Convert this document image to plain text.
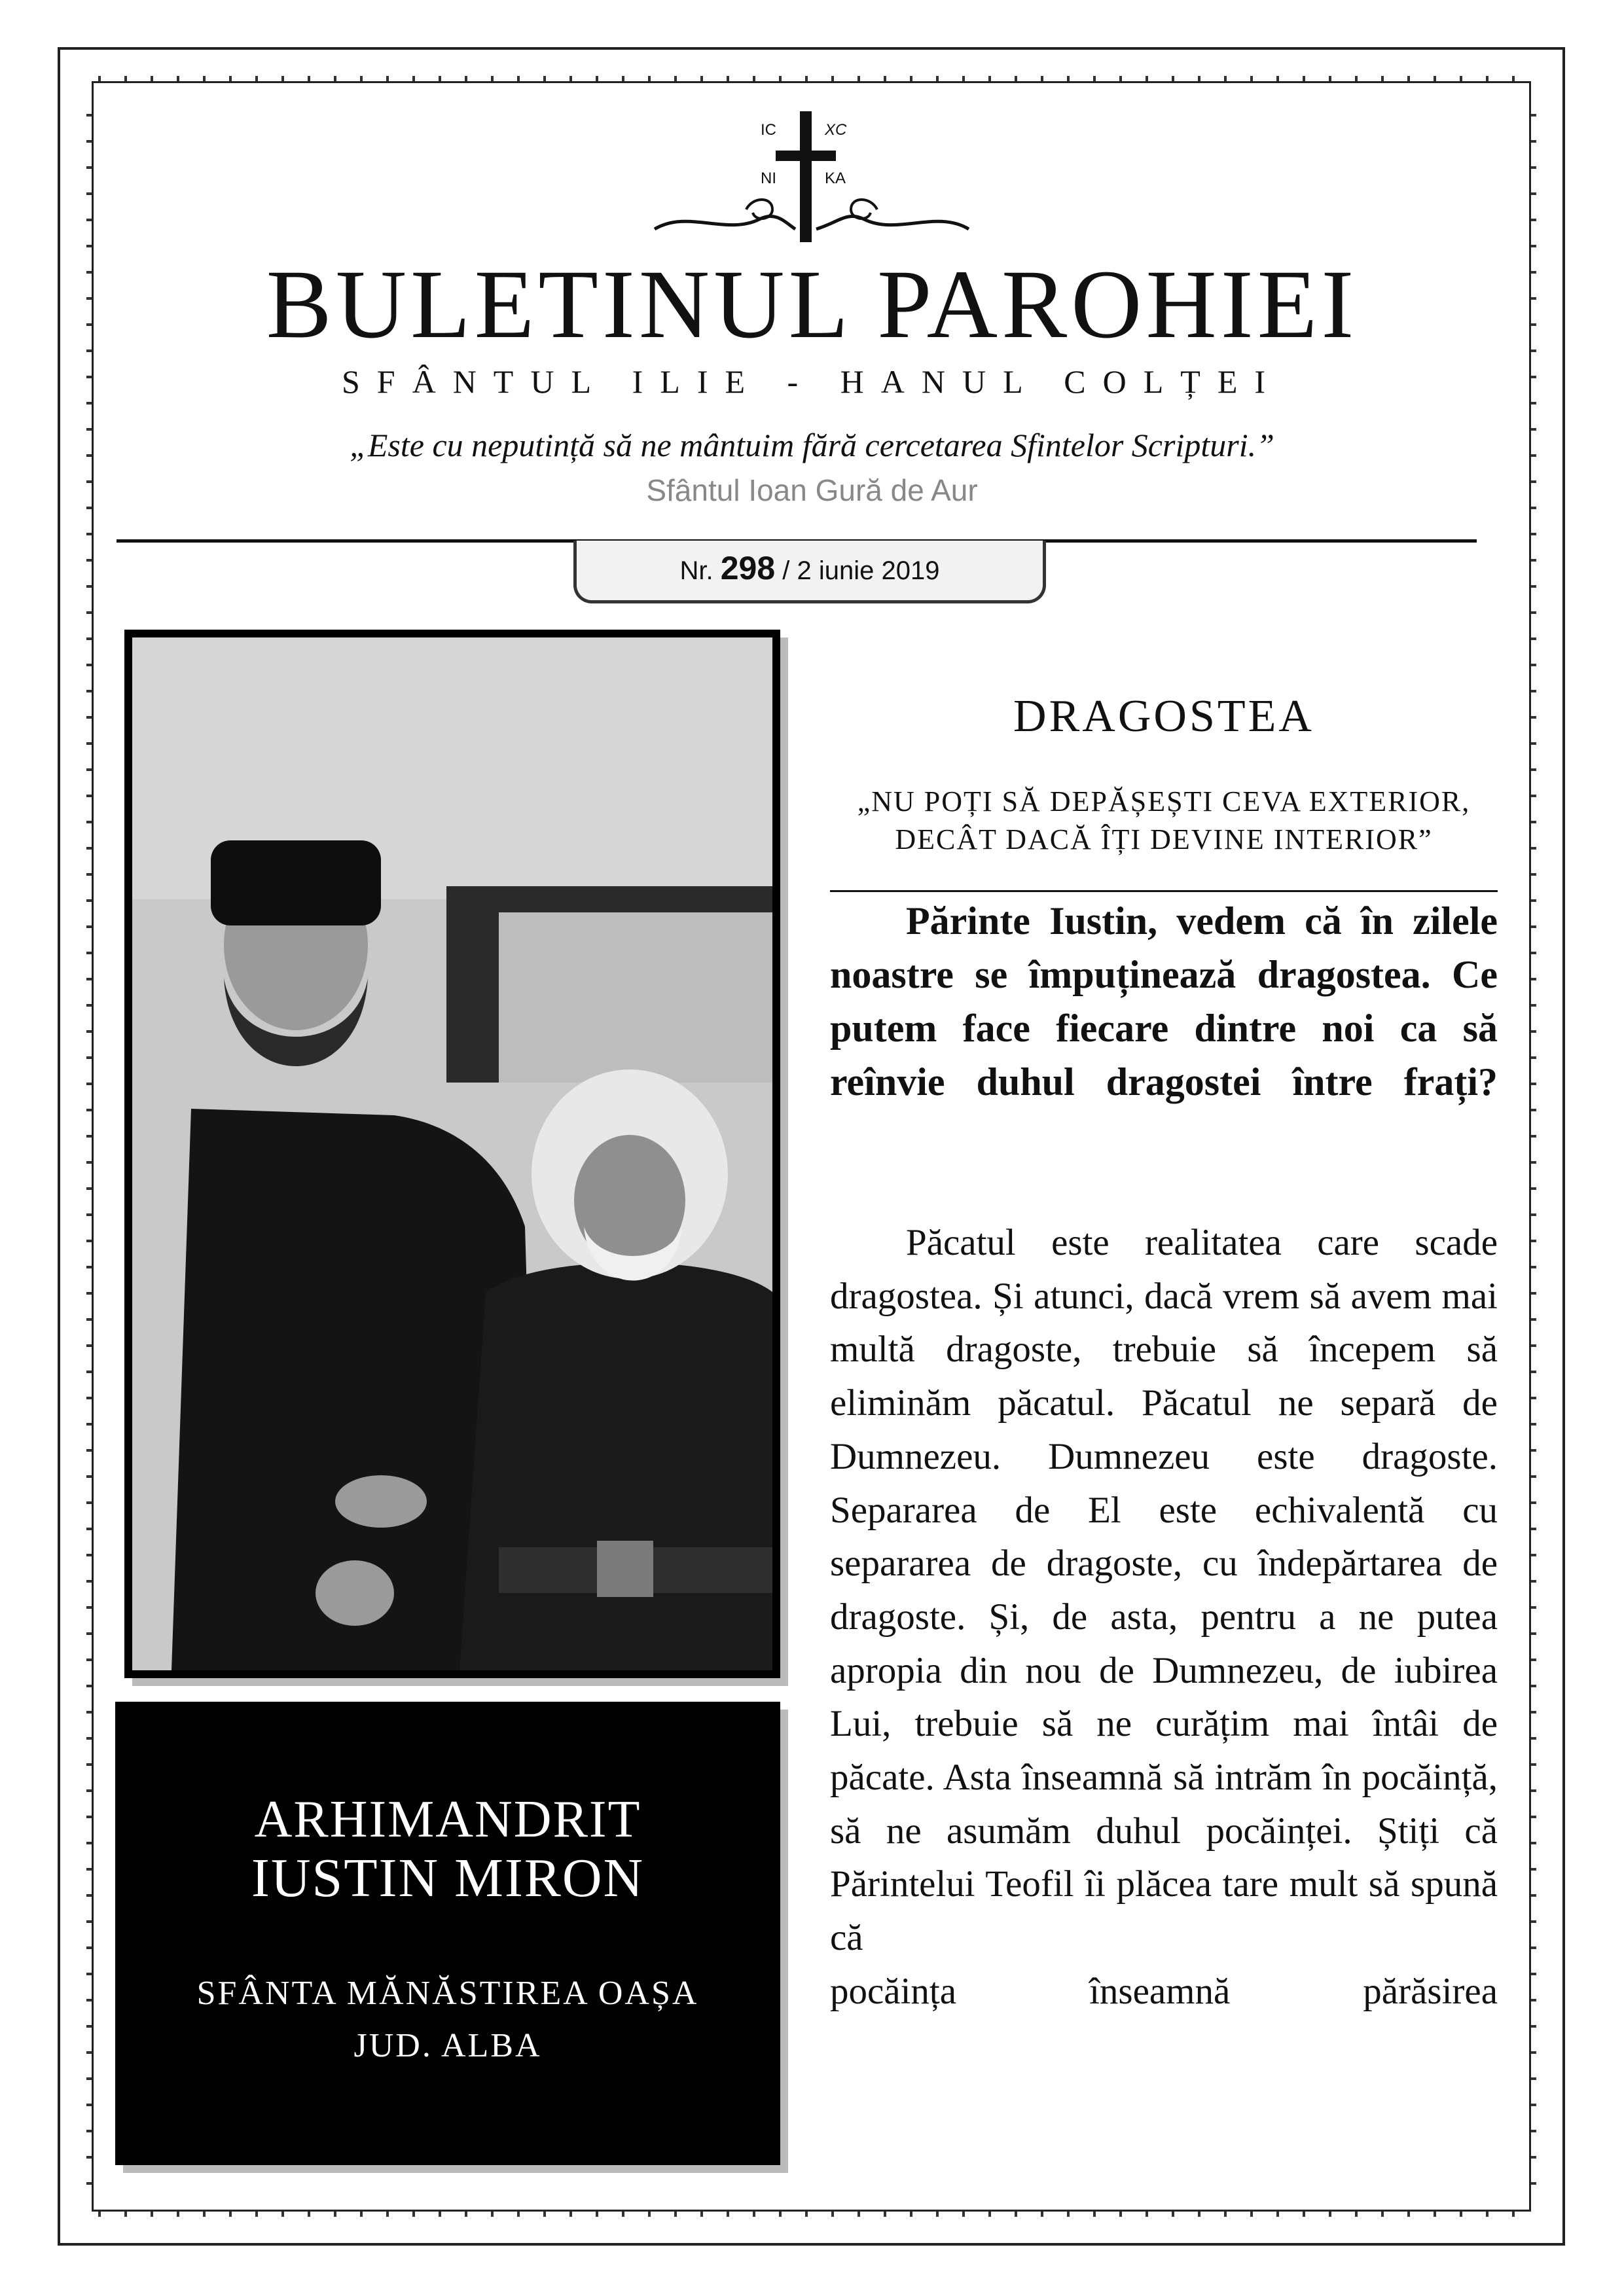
IC	XC
NI	KA
BULETINUL PAROHIEI
SFÂNTUL ILIE - HANUL COLȚEI
„Este cu neputință să ne mântuim fără cercetarea Sfintelor Scripturi.”
Sfântul Ioan Gură de Aur
Nr. 298 / 2 iunie 2019
ARHIMANDRIT
IUSTIN MIRON
SFÂNTA MĂNĂSTIREA OAȘA
JUD. ALBA
DRAGOSTEA
„NU POȚI SĂ DEPĂȘEȘTI CEVA EXTERIOR,
DECÂT DACĂ ÎȚI DEVINE INTERIOR”
Părinte Iustin, vedem că în zilele noastre se împuținează dragostea. Ce putem face fiecare dintre noi ca să reînvie duhul dragostei între frați?
Păcatul este realitatea care scade dragostea. Și atunci, dacă vrem să avem mai multă dragoste, trebuie să începem să eliminăm păcatul. Păcatul ne separă de Dumnezeu. Dumnezeu este dragoste. Separarea de El este echivalentă cu separarea de dragoste, cu îndepărtarea de dragoste. Și, de asta, pentru a ne putea apropia din nou de Dumnezeu, de iubirea Lui, trebuie să ne curățim mai întâi de păcate. Asta înseamnă să intrăm în pocăință, să ne asumăm duhul pocăinței. Știți că Părintelui Teofil îi plăcea tare mult să spună că
pocăința înseamnă părăsirea
